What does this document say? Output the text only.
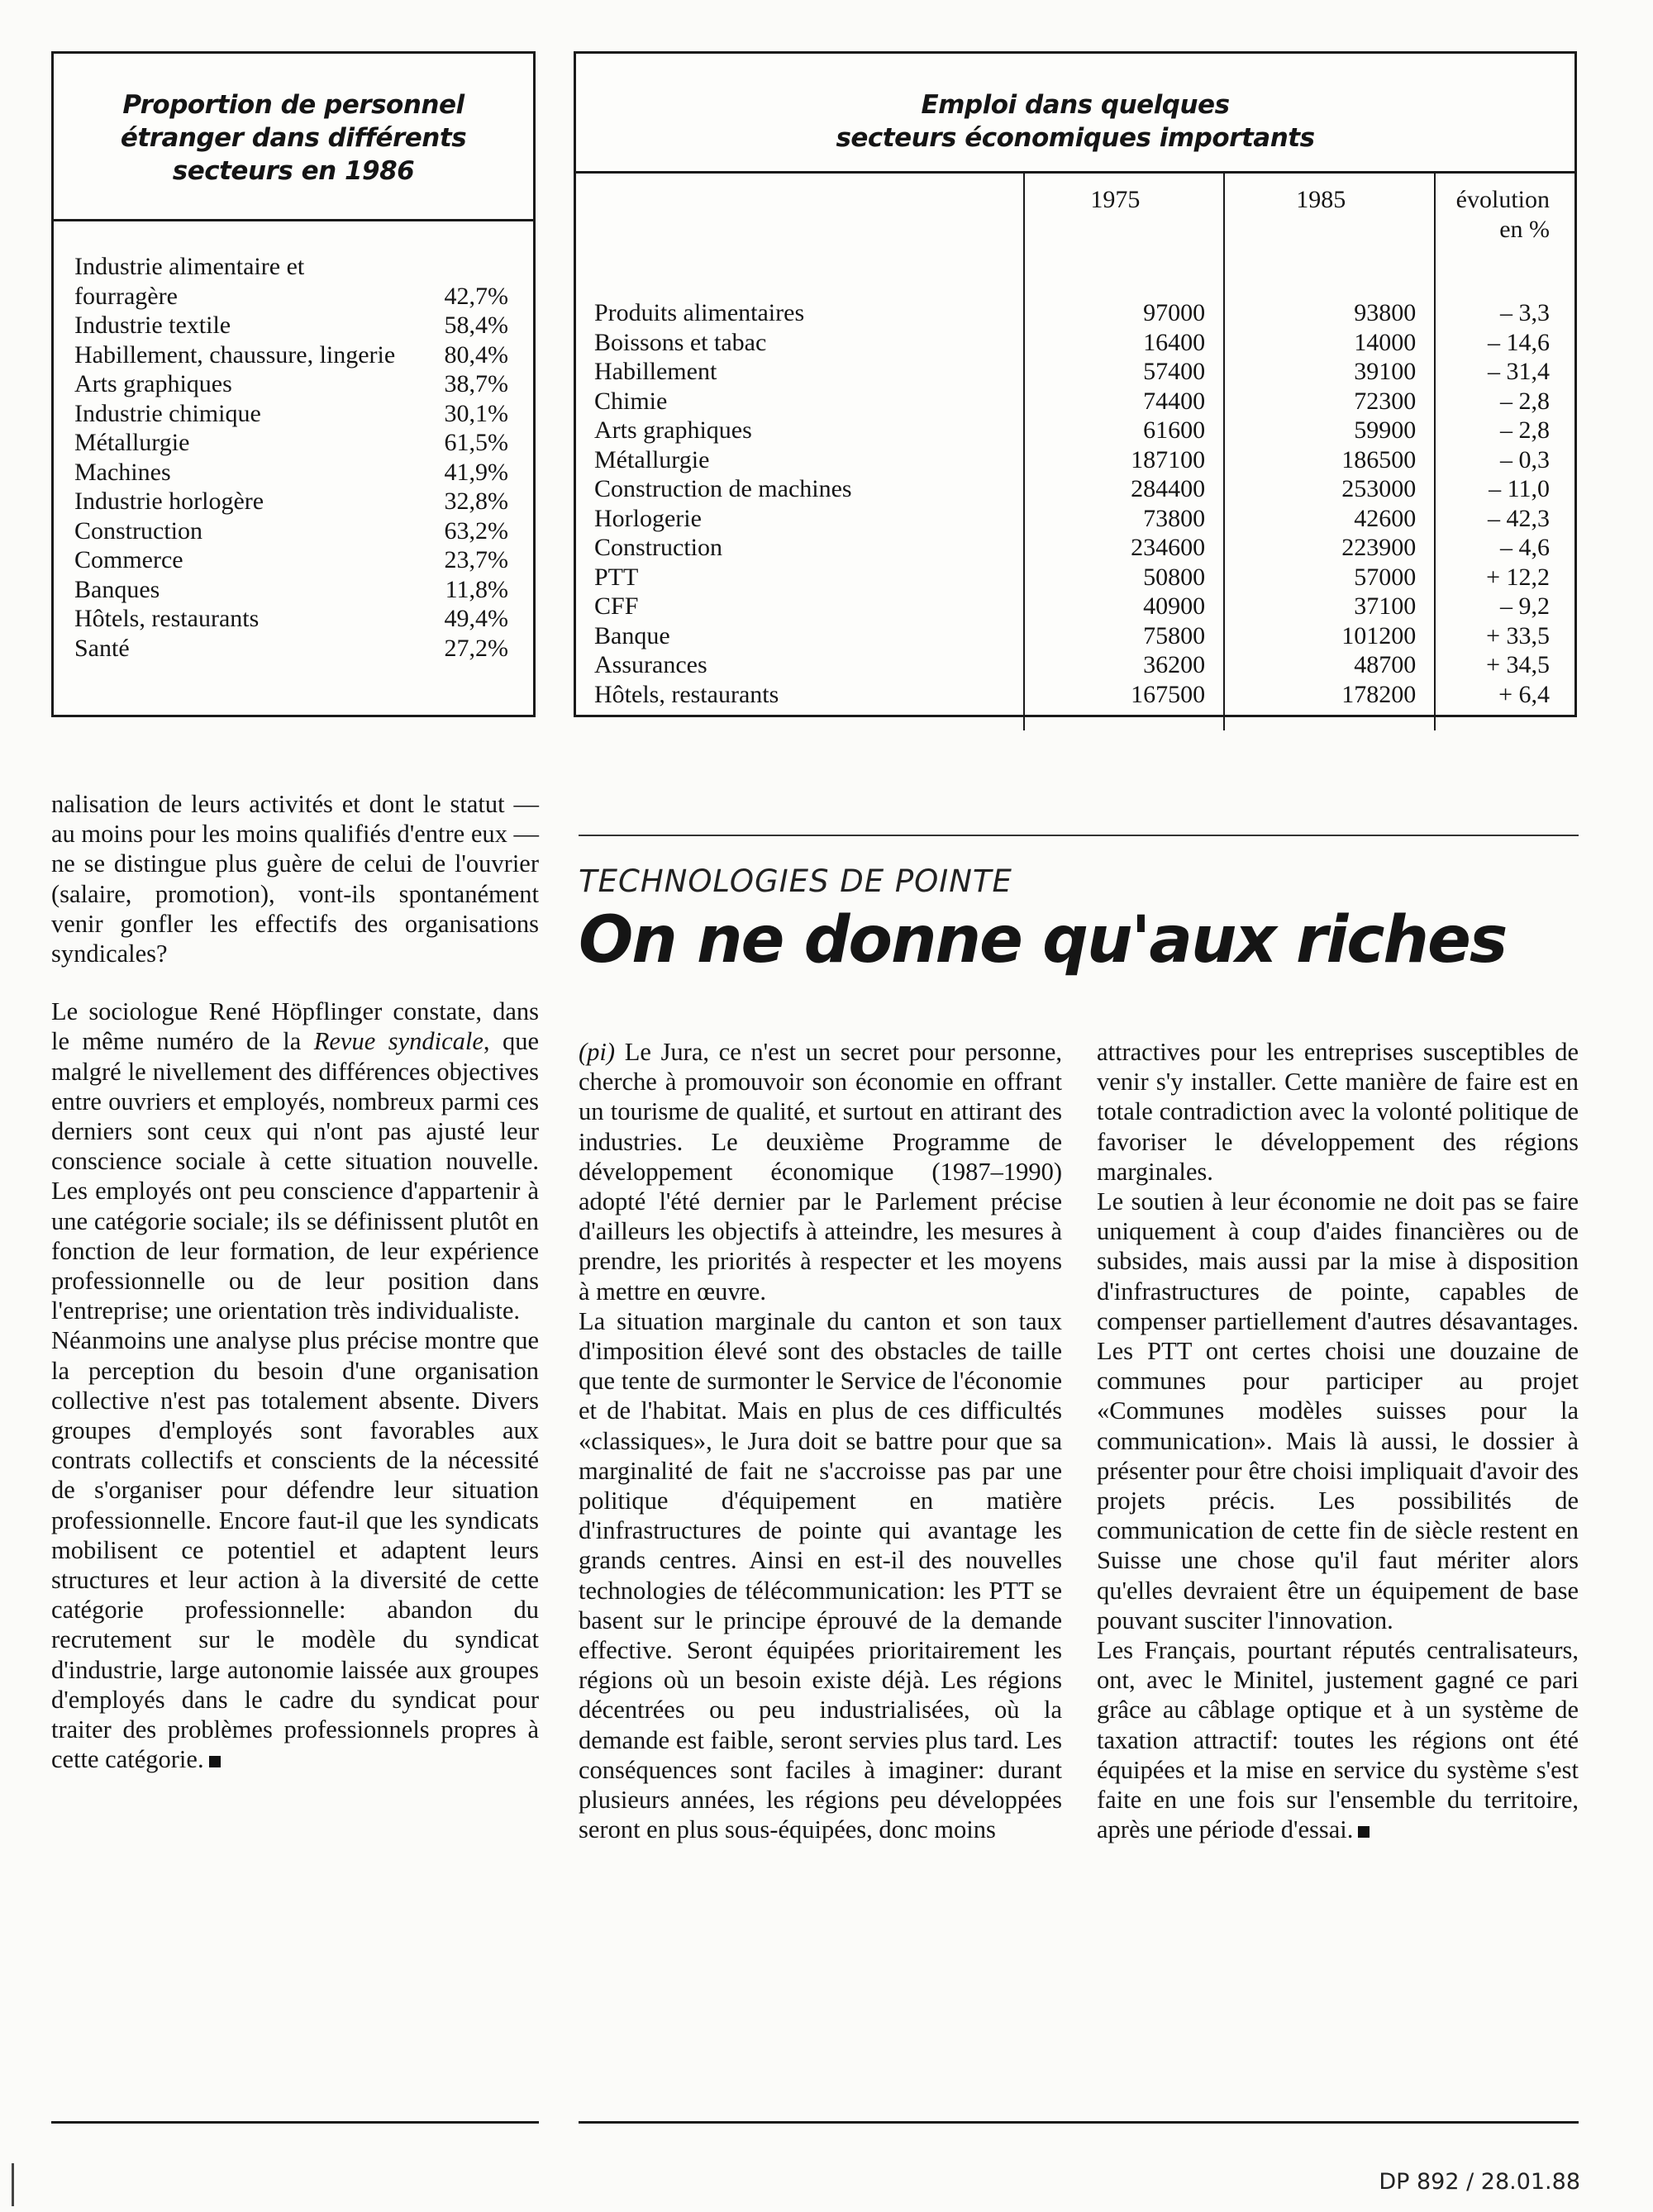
Proportion de personnel
étranger dans différents
secteurs en 1986
Industrie alimentaire et fourragère	42,7%
Industrie textile	58,4%
Habillement, chaussure, lingerie	80,4%
Arts graphiques	38,7%
Industrie chimique	30,1%
Métallurgie	61,5%
Machines	41,9%
Industrie horlogère	32,8%
Construction	63,2%
Commerce	23,7%
Banques	11,8%
Hôtels, restaurants	49,4%
Santé	27,2%
Emploi dans quelques
secteurs économiques importants
	1975	1985	évolution en %
Produits alimentaires	97000	93800	– 3,3
Boissons et tabac	16400	14000	– 14,6
Habillement	57400	39100	– 31,4
Chimie	74400	72300	– 2,8
Arts graphiques	61600	59900	– 2,8
Métallurgie	187100	186500	– 0,3
Construction de machines	284400	253000	– 11,0
Horlogerie	73800	42600	– 42,3
Construction	234600	223900	– 4,6
PTT	50800	57000	+ 12,2
CFF	40900	37100	– 9,2
Banque	75800	101200	+ 33,5
Assurances	36200	48700	+ 34,5
Hôtels, restaurants	167500	178200	+ 6,4

nalisation de leurs activités et dont le statut — au moins pour les moins qualifiés d'entre eux — ne se distingue plus guère de celui de l'ouvrier (salaire, promotion), vont-ils spontanément venir gonfler les effectifs des organisations syndicales?

Le sociologue René Höpflinger constate, dans le même numéro de la Revue syndicale, que malgré le nivellement des différences objectives entre ouvriers et employés, nombreux parmi ces derniers sont ceux qui n'ont pas ajusté leur conscience sociale à cette situation nouvelle. Les employés ont peu conscience d'appartenir à une catégorie sociale; ils se définissent plutôt en fonction de leur formation, de leur expérience professionnelle ou de leur position dans l'entreprise; une orientation très individualiste.

Néanmoins une analyse plus précise montre que la perception du besoin d'une organisation collective n'est pas totalement absente. Divers groupes d'employés sont favorables aux contrats collectifs et conscients de la nécessité de s'organiser pour défendre leur situation professionnelle. Encore faut-il que les syndicats mobilisent ce potentiel et adaptent leurs structures et leur action à la diversité de cette catégorie professionnelle: abandon du recrutement sur le modèle du syndicat d'industrie, large autonomie laissée aux groupes d'employés dans le cadre du syndicat pour traiter des problèmes professionnels propres à cette catégorie.

TECHNOLOGIES DE POINTE
On ne donne qu'aux riches

(pi) Le Jura, ce n'est un secret pour personne, cherche à promouvoir son économie en offrant un tourisme de qualité, et surtout en attirant des industries. Le deuxième Programme de développement économique (1987–1990) adopté l'été dernier par le Parlement précise d'ailleurs les objectifs à atteindre, les mesures à prendre, les priorités à respecter et les moyens à mettre en œuvre.

La situation marginale du canton et son taux d'imposition élevé sont des obstacles de taille que tente de surmonter le Service de l'économie et de l'habitat. Mais en plus de ces difficultés «classiques», le Jura doit se battre pour que sa marginalité de fait ne s'accroisse pas par une politique d'équipement en matière d'infrastructures de pointe qui avantage les grands centres. Ainsi en est-il des nouvelles technologies de télécommunication: les PTT se basent sur le principe éprouvé de la demande effective. Seront équipées prioritairement les régions où un besoin existe déjà. Les régions décentrées ou peu industrialisées, où la demande est faible, seront servies plus tard. Les conséquences sont faciles à imaginer: durant plusieurs années, les régions peu développées seront en plus sous-équipées, donc moins

attractives pour les entreprises susceptibles de venir s'y installer. Cette manière de faire est en totale contradiction avec la volonté politique de favoriser le développement des régions marginales.

Le soutien à leur économie ne doit pas se faire uniquement à coup d'aides financières ou de subsides, mais aussi par la mise à disposition d'infrastructures de pointe, capables de compenser partiellement d'autres désavantages. Les PTT ont certes choisi une douzaine de communes pour participer au projet «Communes modèles suisses pour la communication». Mais là aussi, le dossier à présenter pour être choisi impliquait d'avoir des projets précis. Les possibilités de communication de cette fin de siècle restent en Suisse une chose qu'il faut mériter alors qu'elles devraient être un équipement de base pouvant susciter l'innovation.

Les Français, pourtant réputés centralisateurs, ont, avec le Minitel, justement gagné ce pari grâce au câblage optique et à un système de taxation attractif: toutes les régions ont été équipées et la mise en service du système s'est faite en une fois sur l'ensemble du territoire, après une période d'essai.

DP 892 / 28.01.88
